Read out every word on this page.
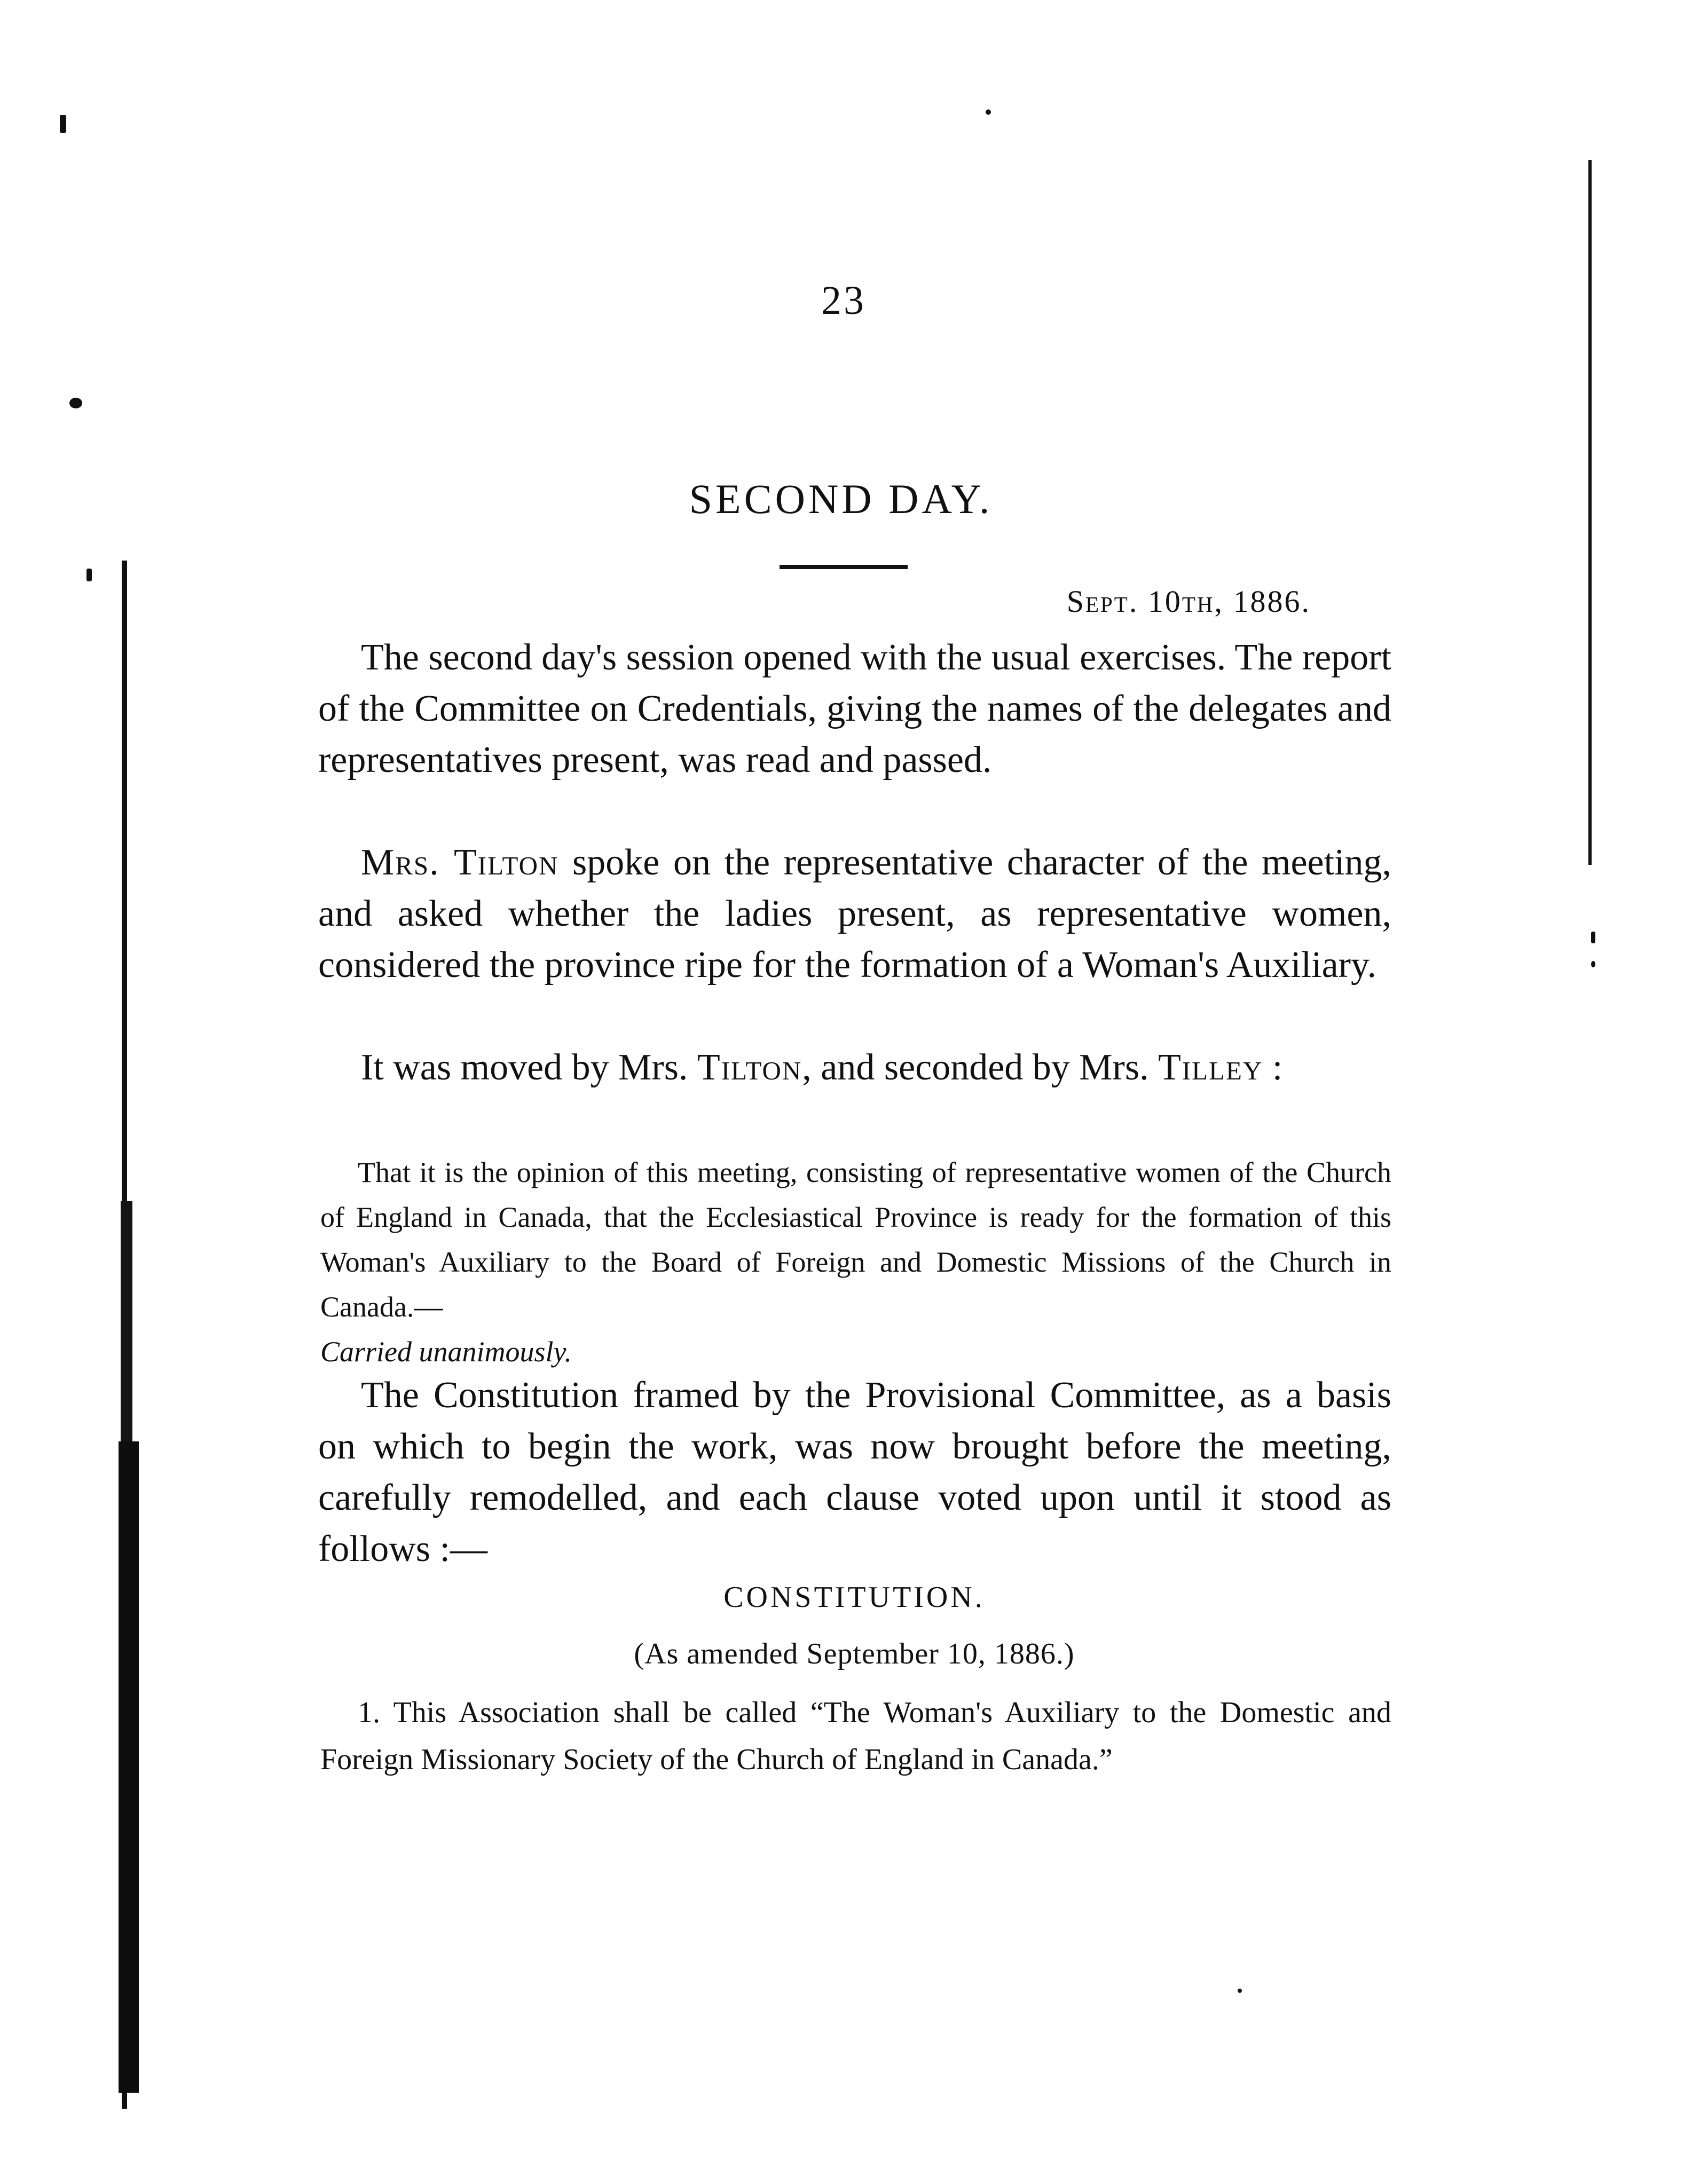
23
SECOND DAY.
Sept. 10th, 1886.

The second day's session opened with the usual exercises. The report of the Committee on Credentials, giving the names of the delegates and representatives present, was read and passed.

Mrs. Tilton spoke on the representative character of the meeting, and asked whether the ladies present, as representative women, considered the province ripe for the formation of a Woman's Auxiliary.

It was moved by Mrs. Tilton, and seconded by Mrs. Tilley :

That it is the opinion of this meeting, consisting of representative women of the Church of England in Canada, that the Ecclesiastical Province is ready for the formation of this Woman's Auxiliary to the Board of Foreign and Domestic Missions of the Church in Canada.—
Carried unanimously.

The Constitution framed by the Provisional Committee, as a basis on which to begin the work, was now brought before the meeting, carefully remodelled, and each clause voted upon until it stood as follows :—

CONSTITUTION.
(As amended September 10, 1886.)

1. This Association shall be called “The Woman's Auxiliary to the Domestic and Foreign Missionary Society of the Church of England in Canada.”
